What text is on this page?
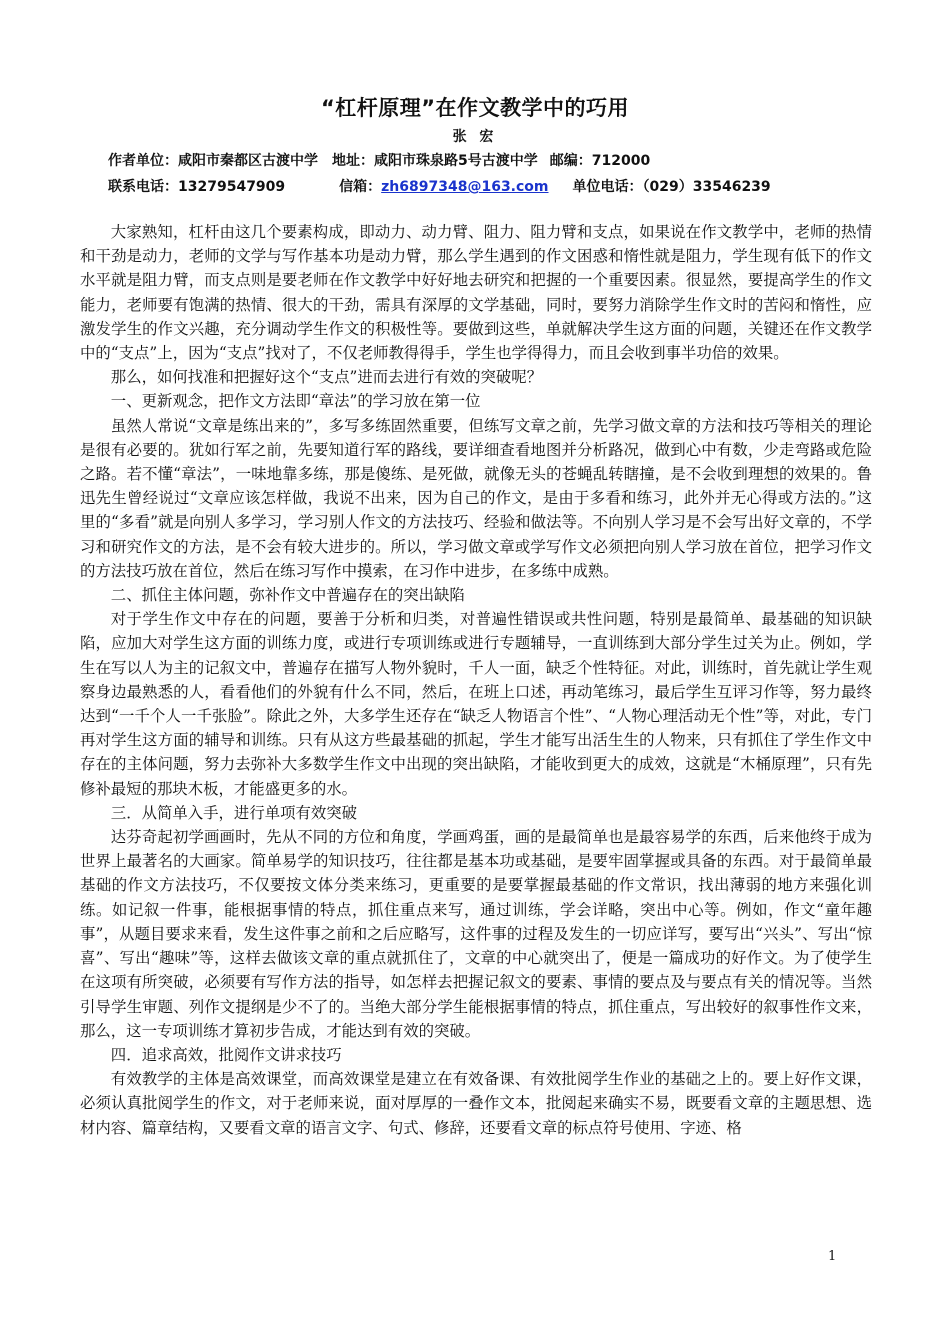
“杠杆原理”在作文教学中的巧用
张 宏
作者单位：咸阳市秦都区古渡中学 地址：咸阳市珠泉路5号古渡中学 邮编：712000
联系电话：13279547909	信箱：zh6897348@163.com 单位电话：（029）33546239

大家熟知，杠杆由这几个要素构成，即动力、动力臂、阻力、阻力臂和支点，如果说在作文教学中，老师的热情和干劲是动力，老师的文学与写作基本功是动力臂，那么学生遇到的作文困惑和惰性就是阻力，学生现有低下的作文水平就是阻力臂，而支点则是要老师在作文教学中好好地去研究和把握的一个重要因素。很显然，要提高学生的作文能力，老师要有饱满的热情、很大的干劲，需具有深厚的文学基础，同时，要努力消除学生作文时的苦闷和惰性，应激发学生的作文兴趣，充分调动学生作文的积极性等。要做到这些，单就解决学生这方面的问题，关键还在作文教学中的“支点”上，因为“支点”找对了，不仅老师教得得手，学生也学得得力，而且会收到事半功倍的效果。

那么，如何找准和把握好这个“支点”进而去进行有效的突破呢？

一、更新观念，把作文方法即“章法”的学习放在第一位

虽然人常说“文章是练出来的”，多写多练固然重要，但练写文章之前，先学习做文章的方法和技巧等相关的理论是很有必要的。犹如行军之前，先要知道行军的路线，要详细查看地图并分析路况，做到心中有数，少走弯路或危险之路。若不懂“章法”，一味地靠多练，那是傻练、是死做，就像无头的苍蝇乱转瞎撞，是不会收到理想的效果的。鲁迅先生曾经说过“文章应该怎样做，我说不出来，因为自己的作文，是由于多看和练习，此外并无心得或方法的。”这里的“多看”就是向别人多学习，学习别人作文的方法技巧、经验和做法等。不向别人学习是不会写出好文章的，不学习和研究作文的方法，是不会有较大进步的。所以，学习做文章或学写作文必须把向别人学习放在首位，把学习作文的方法技巧放在首位，然后在练习写作中摸索，在习作中进步，在多练中成熟。

二、抓住主体问题，弥补作文中普遍存在的突出缺陷

对于学生作文中存在的问题，要善于分析和归类，对普遍性错误或共性问题，特别是最简单、最基础的知识缺陷，应加大对学生这方面的训练力度，或进行专项训练或进行专题辅导，一直训练到大部分学生过关为止。例如，学生在写以人为主的记叙文中，普遍存在描写人物外貌时，千人一面，缺乏个性特征。对此，训练时，首先就让学生观察身边最熟悉的人，看看他们的外貌有什么不同，然后，在班上口述，再动笔练习，最后学生互评习作等，努力最终达到“一千个人一千张脸”。除此之外，大多学生还存在“缺乏人物语言个性”、“人物心理活动无个性”等，对此，专门再对学生这方面的辅导和训练。只有从这方些最基础的抓起，学生才能写出活生生的人物来，只有抓住了学生作文中存在的主体问题，努力去弥补大多数学生作文中出现的突出缺陷，才能收到更大的成效，这就是“木桶原理”，只有先修补最短的那块木板，才能盛更多的水。

三．从简单入手，进行单项有效突破

达芬奇起初学画画时，先从不同的方位和角度，学画鸡蛋，画的是最简单也是最容易学的东西，后来他终于成为世界上最著名的大画家。简单易学的知识技巧，往往都是基本功或基础，是要牢固掌握或具备的东西。对于最简单最基础的作文方法技巧，不仅要按文体分类来练习，更重要的是要掌握最基础的作文常识，找出薄弱的地方来强化训练。如记叙一件事，能根据事情的特点，抓住重点来写，通过训练，学会详略，突出中心等。例如，作文“童年趣事”，从题目要求来看，发生这件事之前和之后应略写，这件事的过程及发生的一切应详写，要写出“兴头”、写出“惊喜”、写出“趣味”等，这样去做该文章的重点就抓住了，文章的中心就突出了，便是一篇成功的好作文。为了使学生在这项有所突破，必须要有写作方法的指导，如怎样去把握记叙文的要素、事情的要点及与要点有关的情况等。当然引导学生审题、列作文提纲是少不了的。当绝大部分学生能根据事情的特点，抓住重点，写出较好的叙事性作文来，那么，这一专项训练才算初步告成，才能达到有效的突破。

四．追求高效，批阅作文讲求技巧

有效教学的主体是高效课堂，而高效课堂是建立在有效备课、有效批阅学生作业的基础之上的。要上好作文课，必须认真批阅学生的作文，对于老师来说，面对厚厚的一叠作文本，批阅起来确实不易，既要看文章的主题思想、选材内容、篇章结构，又要看文章的语言文字、句式、修辞，还要看文章的标点符号使用、字迹、格

1
